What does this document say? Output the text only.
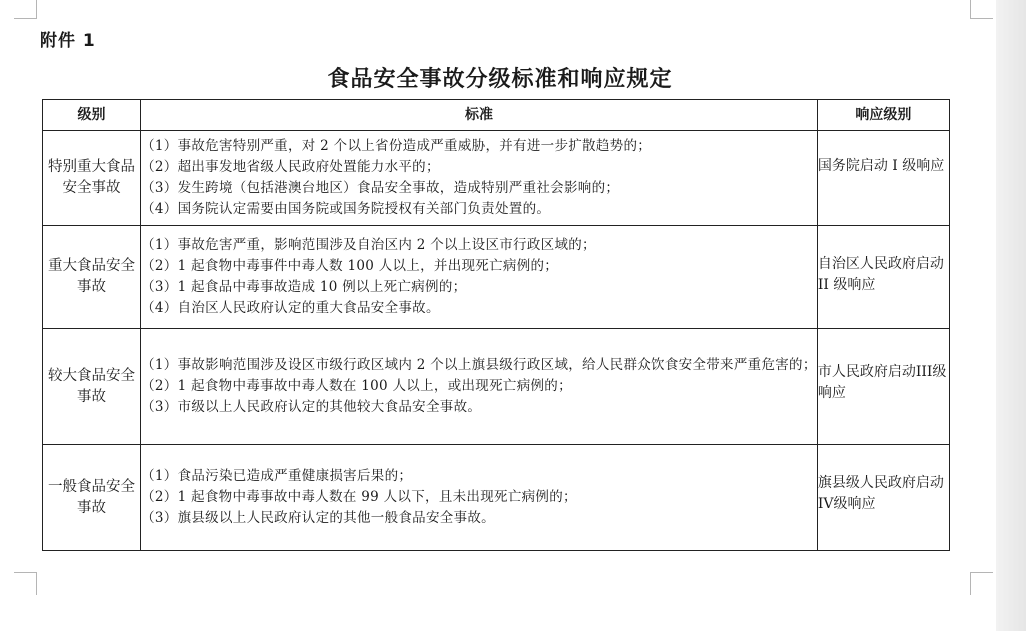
附件 1
食品安全事故分级标准和响应规定
级别	标准	响应级别
特别重大食品安全事故	（1）事故危害特别严重，对 2 个以上省份造成严重威胁，并有进一步扩散趋势的；
（2）超出事发地省级人民政府处置能力水平的；
（3）发生跨境（包括港澳台地区）食品安全事故，造成特别严重社会影响的；
（4）国务院认定需要由国务院或国务院授权有关部门负责处置的。	国务院启动 I 级响应

重大食品安全事故	（1）事故危害严重，影响范围涉及自治区内 2 个以上设区市行政区域的；
（2）1 起食物中毒事件中毒人数 100 人以上，并出现死亡病例的；
（3）1 起食品中毒事故造成 10 例以上死亡病例的；
（4）自治区人民政府认定的重大食品安全事故。	自治区人民政府启动 II 级响应

较大食品安全事故	（1）事故影响范围涉及设区市级行政区域内 2 个以上旗县级行政区域，给人民群众饮食安全带来严重危害的；
（2）1 起食物中毒事故中毒人数在 100 人以上，或出现死亡病例的；
（3）市级以上人民政府认定的其他较大食品安全事故。	市人民政府启动III级响应

一般食品安全事故	（1）食品污染已造成严重健康损害后果的；
（2）1 起食物中毒事故中毒人数在 99 人以下，且未出现死亡病例的；
（3）旗县级以上人民政府认定的其他一般食品安全事故。	旗县级人民政府启动IV级响应
